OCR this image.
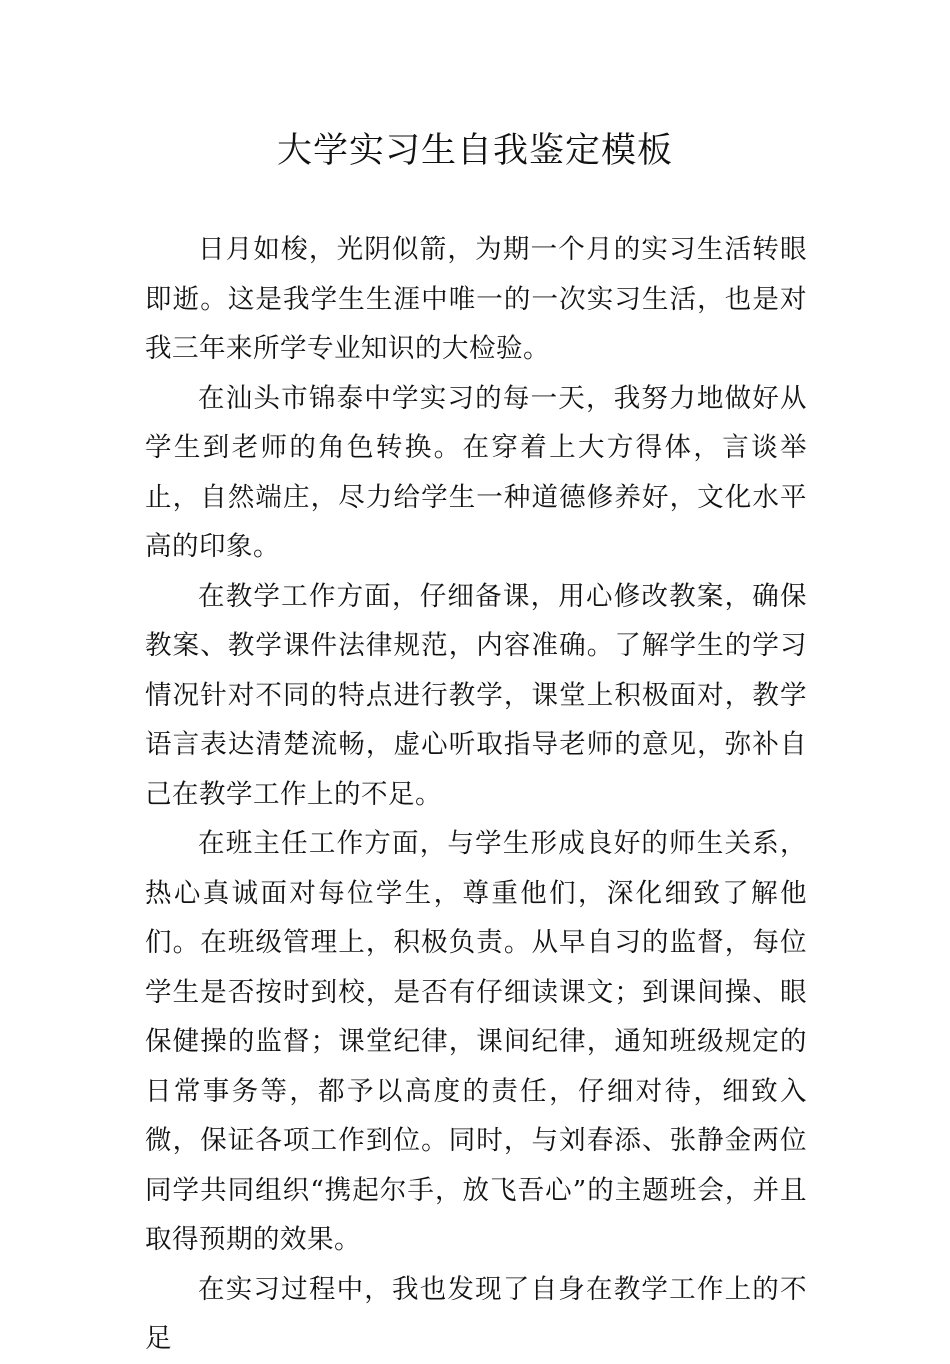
大学实习生自我鉴定模板

日月如梭，光阴似箭，为期一个月的实习生活转眼即逝。这是我学生生涯中唯一的一次实习生活，也是对我三年来所学专业知识的大检验。

在汕头市锦泰中学实习的每一天，我努力地做好从学生到老师的角色转换。在穿着上大方得体，言谈举止，自然端庄，尽力给学生一种道德修养好，文化水平高的印象。

在教学工作方面，仔细备课，用心修改教案，确保教案、教学课件法律规范，内容准确。了解学生的学习情况针对不同的特点进行教学，课堂上积极面对，教学语言表达清楚流畅，虚心听取指导老师的意见，弥补自己在教学工作上的不足。

在班主任工作方面，与学生形成良好的师生关系，热心真诚面对每位学生，尊重他们，深化细致了解他们。在班级管理上，积极负责。从早自习的监督，每位学生是否按时到校，是否有仔细读课文；到课间操、眼保健操的监督；课堂纪律，课间纪律，通知班级规定的日常事务等，都予以高度的责任，仔细对待，细致入微，保证各项工作到位。同时，与刘春添、张静金两位同学共同组织“携起尔手，放飞吾心”的主题班会，并且取得预期的效果。

在实习过程中，我也发现了自身在教学工作上的不足
